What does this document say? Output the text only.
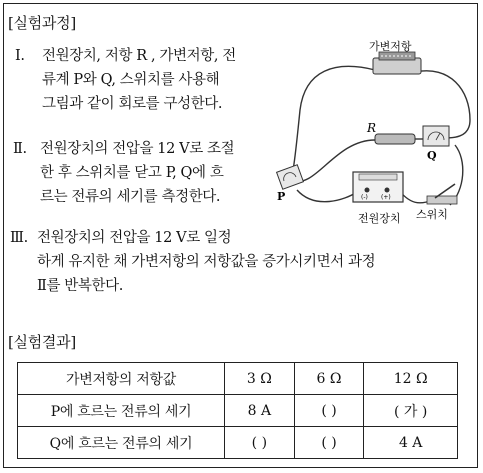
[실험과정]
Ⅰ. 전원장치, 저항 R , 가변저항, 전
류계 P와 Q, 스위치를 사용해
그림과 같이 회로를 구성한다.
Ⅱ. 전원장치의 전압을 12 V로 조절
한 후 스위치를 닫고 P, Q에 흐
르는 전류의 세기를 측정한다.
Ⅲ. 전원장치의 전압을 12 V로 일정
하게 유지한 채 가변저항의 저항값을 증가시키면서 과정
Ⅱ를 반복한다.
가변저항
R
Q
P	(-) (+)
전원장치 스위치
[실험결과]
가변저항의 저항값	3 Ω	6 Ω	12 Ω
P에 흐르는 전류의 세기	8 A	( )	( 가 )
Q에 흐르는 전류의 세기	( )	( )	4 A
